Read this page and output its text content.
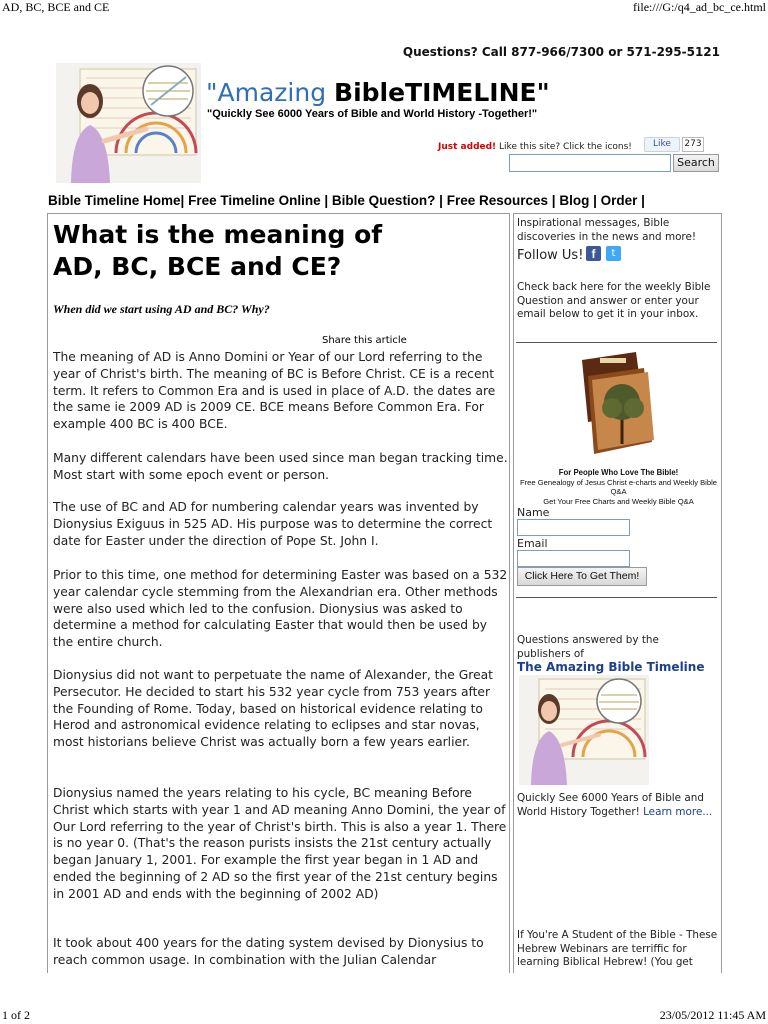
AD, BC, BCE and CE	file:///G:/q4_ad_bc_ce.html
Questions? Call 877-966/7300 or 571-295-5121
"Amazing BibleTIMELINE"
"Quickly See 6000 Years of Bible and World History -Together!"
Just added! Like this site? Click the icons!	Like	273
Search
Bible Timeline Home| Free Timeline Online | Bible Question? | Free Resources | Blog | Order |
What is the meaning of
AD, BC, BCE and CE?
When did we start using AD and BC? Why?
Share this article
The meaning of AD is Anno Domini or Year of our Lord referring to the year of Christ's birth. The meaning of BC is Before Christ. CE is a recent term. It refers to Common Era and is used in place of A.D. the dates are the same ie 2009 AD is 2009 CE. BCE means Before Common Era. For example 400 BC is 400 BCE.
Many different calendars have been used since man began tracking time. Most start with some epoch event or person.
The use of BC and AD for numbering calendar years was invented by Dionysius Exiguus in 525 AD. His purpose was to determine the correct date for Easter under the direction of Pope St. John I.
Prior to this time, one method for determining Easter was based on a 532 year calendar cycle stemming from the Alexandrian era. Other methods were also used which led to the confusion. Dionysius was asked to determine a method for calculating Easter that would then be used by the entire church.
Dionysius did not want to perpetuate the name of Alexander, the Great Persecutor. He decided to start his 532 year cycle from 753 years after the Founding of Rome. Today, based on historical evidence relating to Herod and astronomical evidence relating to eclipses and star novas, most historians believe Christ was actually born a few years earlier.
Dionysius named the years relating to his cycle, BC meaning Before Christ which starts with year 1 and AD meaning Anno Domini, the year of Our Lord referring to the year of Christ's birth. This is also a year 1. There is no year 0. (That's the reason purists insists the 21st century actually began January 1, 2001. For example the first year began in 1 AD and ended the beginning of 2 AD so the first year of the 21st century begins in 2001 AD and ends with the beginning of 2002 AD)
It took about 400 years for the dating system devised by Dionysius to reach common usage. In combination with the Julian Calendar
Inspirational messages, Bible discoveries in the news and more!
Follow Us! f	t
Check back here for the weekly Bible Question and answer or enter your email below to get it in your inbox.
For People Who Love The Bible!
Free Genealogy of Jesus Christ e-charts and Weekly Bible Q&A
Get Your Free Charts and Weekly Bible Q&A
Name
Email
Click Here To Get Them!
Questions answered by the publishers of
The Amazing Bible Timeline
Quickly See 6000 Years of Bible and World History Together! Learn more...
If You're A Student of the Bible - These Hebrew Webinars are terriffic for learning Biblical Hebrew! (You get
1 of 2	23/05/2012 11:45 AM
